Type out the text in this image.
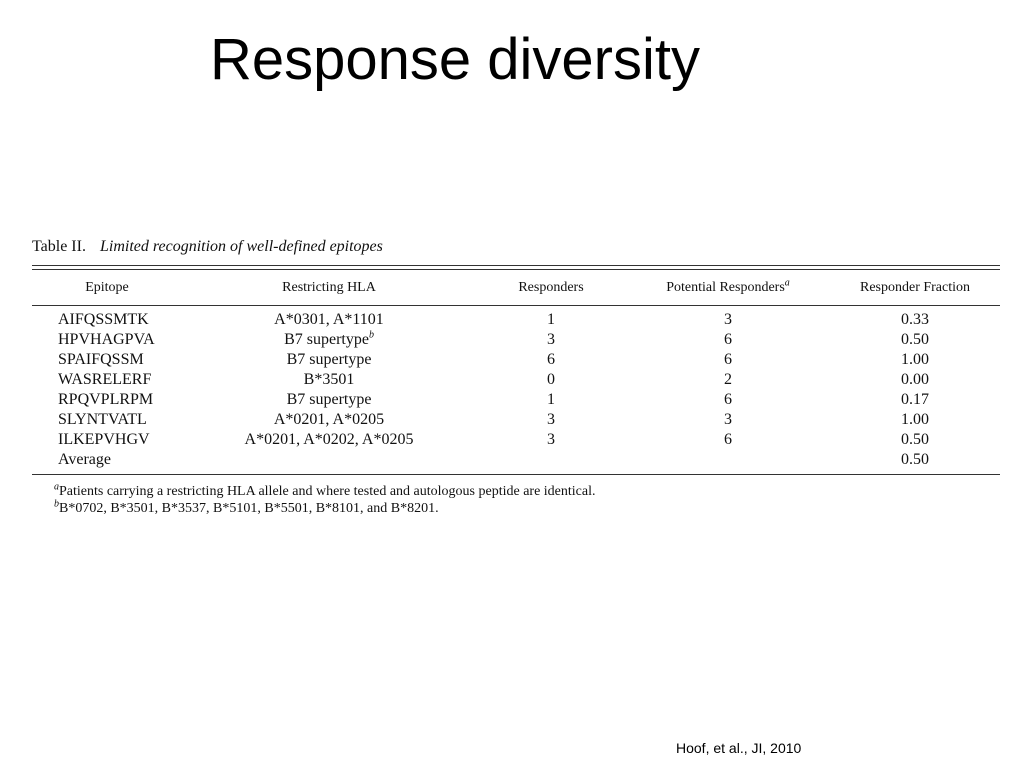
Response diversity
Table II. Limited recognition of well-defined epitopes
Epitope	Restricting HLA	Responders	Potential Responders$^a$	Responder Fraction
AIFQSSMTK	A*0301, A*1101	1	3	0.33
HPVHAGPVA	B7 supertype$^b$	3	6	0.50
SPAIFQSSM	B7 supertype	6	6	1.00
WASRELERF	B*3501	0	2	0.00
RPQVPLRPM	B7 supertype	1	6	0.17
SLYNTVATL	A*0201, A*0205	3	3	1.00
ILKEPVHGV	A*0201, A*0202, A*0205	3	6	0.50
Average				0.50
$^a$Patients carrying a restricting HLA allele and where tested and autologous peptide are identical.
$^b$B*0702, B*3501, B*3537, B*5101, B*5501, B*8101, and B*8201.
Hoof, et al., JI, 2010
